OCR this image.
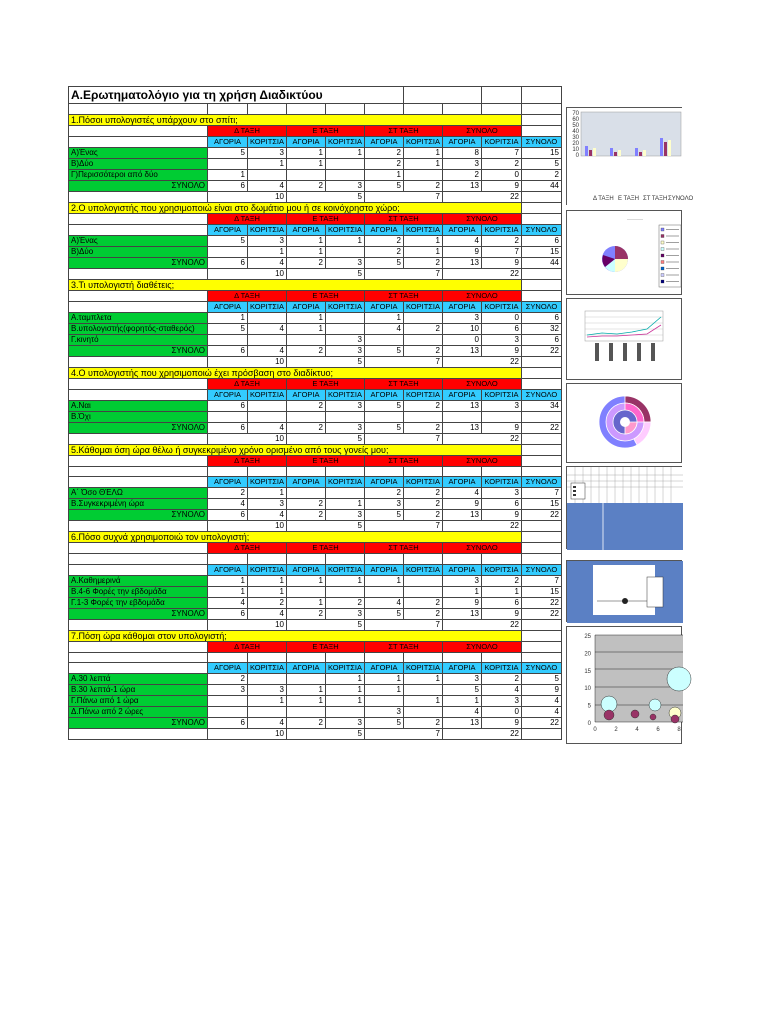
Α.Ερωτηματολόγιο για τη χρήση Διαδικτύου									

1.Πόσοι υπολογιστές υπάρχουν στο σπίτι;									
	Δ ΤΑΞΗ		Ε ΤΑΞΗ		ΣΤ ΤΑΞΗ		ΣΥΝΟΛΟ		
	ΑΓΟΡΙΑ	ΚΟΡΙΤΣΙΑ	ΑΓΟΡΙΑ	ΚΟΡΙΤΣΙΑ	ΑΓΟΡΙΑ	ΚΟΡΙΤΣΙΑ	ΑΓΟΡΙΑ	ΚΟΡΙΤΣΙΑ	ΣΥΝΟΛΟ
Α)Ένας	5	3	1	1	2	1	8	7	15
Β)Δύο		1	1		2	1	3	2	5
Γ)Περισσότεροι από δύο	1				1		2	0	2
ΣΥΝΟΛΟ	6	4	2	3	5	2	13	9	44
	10		5		7		22		
2.Ο υπολογιστής που χρησιμοποιώ είναι στο δωμάτιο μου ή σε κοινόχρηστο χώρο;									
	Δ ΤΑΞΗ		Ε ΤΑΞΗ		ΣΤ ΤΑΞΗ		ΣΥΝΟΛΟ		
	ΑΓΟΡΙΑ	ΚΟΡΙΤΣΙΑ	ΑΓΟΡΙΑ	ΚΟΡΙΤΣΙΑ	ΑΓΟΡΙΑ	ΚΟΡΙΤΣΙΑ	ΑΓΟΡΙΑ	ΚΟΡΙΤΣΙΑ	ΣΥΝΟΛΟ
Α)Ένας	5	3	1	1	2	1	4	2	6
Β)Δύο		1	1		2	1	9	7	15
ΣΥΝΟΛΟ	6	4	2	3	5	2	13	9	44
	10		5		7		22		
3.Τι υπολογιστή διαθέτεις;									
	Δ ΤΑΞΗ		Ε ΤΑΞΗ		ΣΤ ΤΑΞΗ		ΣΥΝΟΛΟ		
	ΑΓΟΡΙΑ	ΚΟΡΙΤΣΙΑ	ΑΓΟΡΙΑ	ΚΟΡΙΤΣΙΑ	ΑΓΟΡΙΑ	ΚΟΡΙΤΣΙΑ	ΑΓΟΡΙΑ	ΚΟΡΙΤΣΙΑ	ΣΥΝΟΛΟ
Α.ταμπλετα	1		1		1		3	0	6
Β.υπολογιστής(φορητός-σταθερός)	5	4	1		4	2	10	6	32
Γ.κινητό				3			0	3	6
ΣΥΝΟΛΟ	6	4	2	3	5	2	13	9	22
	10		5		7		22		
4.Ο υπολογιστής που χρησιμοποιώ έχει πρόσβαση στο διαδίκτυο;									
	Δ ΤΑΞΗ		Ε ΤΑΞΗ		ΣΤ ΤΑΞΗ		ΣΥΝΟΛΟ		
	ΑΓΟΡΙΑ	ΚΟΡΙΤΣΙΑ	ΑΓΟΡΙΑ	ΚΟΡΙΤΣΙΑ	ΑΓΟΡΙΑ	ΚΟΡΙΤΣΙΑ	ΑΓΟΡΙΑ	ΚΟΡΙΤΣΙΑ	ΣΥΝΟΛΟ
Α.Ναι	6		2	3	5	2	13	3	34
Β.Όχι									
ΣΥΝΟΛΟ	6	4	2	3	5	2	13	9	22
	10		5		7		22		
5.Κάθομαι όση ώρα θέλω ή συγκεκριμένο χρόνο ορισμένο από τους γονείς μου;									
	Δ ΤΑΞΗ		Ε ΤΑΞΗ		ΣΤ ΤΑΞΗ		ΣΥΝΟΛΟ		

	ΑΓΟΡΙΑ	ΚΟΡΙΤΣΙΑ	ΑΓΟΡΙΑ	ΚΟΡΙΤΣΙΑ	ΑΓΟΡΙΑ	ΚΟΡΙΤΣΙΑ	ΑΓΟΡΙΑ	ΚΟΡΙΤΣΙΑ	ΣΥΝΟΛΟ
Α΄ Όσο ΘΈΛΩ	2	1			2	2	4	3	7
Β.Συγκεκριμένη ώρα	4	3	2	1	3	2	9	6	15
ΣΥΝΟΛΟ	6	4	2	3	5	2	13	9	22
	10		5		7		22		
6.Πόσο συχνά χρησιμοποιώ τον υπολογιστή;									
	Δ ΤΑΞΗ		Ε ΤΑΞΗ		ΣΤ ΤΑΞΗ		ΣΥΝΟΛΟ		

	ΑΓΟΡΙΑ	ΚΟΡΙΤΣΙΑ	ΑΓΟΡΙΑ	ΚΟΡΙΤΣΙΑ	ΑΓΟΡΙΑ	ΚΟΡΙΤΣΙΑ	ΑΓΟΡΙΑ	ΚΟΡΙΤΣΙΑ	ΣΥΝΟΛΟ
Α.Καθημερινά	1	1	1	1	1		3	2	7
Β.4-6 Φορές την εβδομάδα	1	1					1	1	15
Γ.1-3 Φορές την εβδομάδα	4	2	1	2	4	2	9	6	22
ΣΥΝΟΛΟ	6	4	2	3	5	2	13	9	22
	10		5		7		22		
7.Πόση ώρα κάθομαι στον υπολογιστή;									
	Δ ΤΑΞΗ		Ε ΤΑΞΗ		ΣΤ ΤΑΞΗ		ΣΥΝΟΛΟ		

	ΑΓΟΡΙΑ	ΚΟΡΙΤΣΙΑ	ΑΓΟΡΙΑ	ΚΟΡΙΤΣΙΑ	ΑΓΟΡΙΑ	ΚΟΡΙΤΣΙΑ	ΑΓΟΡΙΑ	ΚΟΡΙΤΣΙΑ	ΣΥΝΟΛΟ
Α.30 λεπτά	2			1	1	1	3	2	5
Β.30 λεπτά-1 ώρα	3	3	1	1	1		5	4	9
Γ.Πάνω από 1 ώρα		1	1	1		1	1	3	4
Δ.Πάνω από 2 ώρες					3		4	0	4
ΣΥΝΟΛΟ	6	4	2	3	5	2	13	9	22
	10		5		7		22		
70
60
50
40
30
20
10
0
Δ ΤΑΞΗ Ε ΤΑΞΗ ΣΤ ΤΑΞΗ ΣΥΝΟΛΟ
········
25
20
15
10
5
0
0	2	4	6	8
